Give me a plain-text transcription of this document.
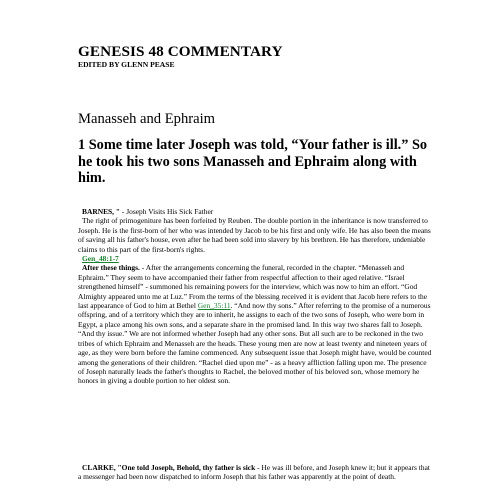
GENESIS 48 COMMENTARY
EDITED BY GLENN PEASE
Manasseh and Ephraim

1 Some time later Joseph was told, “Your father is ill.” So he took his two sons Manasseh and Ephraim along with him.

BARNES, " - Joseph Visits His Sick Father

The right of primogeniture has been forfeited by Reuben. The double portion in the inheritance is now transferred to Joseph. He is the first-born of her who was intended by Jacob to be his first and only wife. He has also been the means of saving all his father's house, even after he had been sold into slavery by his brethren. He has therefore, undeniable claims to this part of the first-born's rights.

Gen_48:1-7

After these things. - After the arrangements concerning the funeral, recorded in the chapter. “Menasseh and Ephraim.” They seem to have accompanied their father from respectful affection to their aged relative. “Israel strengthened himself” - summoned his remaining powers for the interview, which was now to him an effort. “God Almighty appeared unto me at Luz.” From the terms of the blessing received it is evident that Jacob here refers to the last appearance of God to him at Bethel Gen_35:11. “And now thy sons.” After referring to the promise of a numerous offspring, and of a territory which they are to inherit, he assigns to each of the two sons of Joseph, who were born in Egypt, a place among his own sons, and a separate share in the promised land. In this way two shares fall to Joseph. “And thy issue.” We are not informed whether Joseph had any other sons. But all such are to be reckoned in the two tribes of which Ephraim and Menasseh are the heads. These young men are now at least twenty and nineteen years of age, as they were born before the famine commenced. Any subsequent issue that Joseph might have, would be counted among the generations of their children. “Rachel died upon me” - as a heavy affliction falling upon me. The presence of Joseph naturally leads the father's thoughts to Rachel, the beloved mother of his beloved son, whose memory he honors in giving a double portion to her oldest son.

CLARKE, "One told Joseph, Behold, thy father is sick - He was ill before, and Joseph knew it; but it appears that a messenger had been now dispatched to inform Joseph that his father was apparently at the point of death.
